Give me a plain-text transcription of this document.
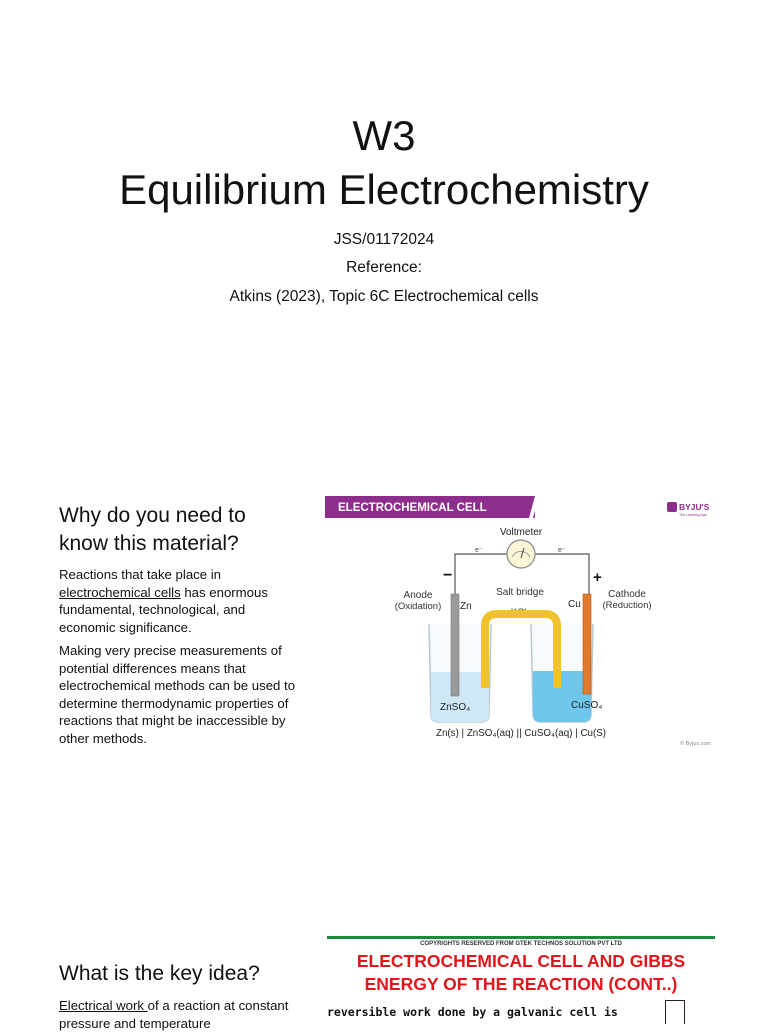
W3
Equilibrium Electrochemistry
JSS/01172024
Reference:
Atkins (2023), Topic 6C Electrochemical cells
Why do you need to know this material?
Reactions that take place in
electrochemical cells has enormous fundamental, technological, and economic significance.
Making very precise measurements of potential differences means that electrochemical methods can be used to determine thermodynamic properties of reactions that might be inaccessible by other methods.
ELECTROCHEMICAL CELL	BYJU'S
The Learning App
Voltmeter
e⁻	e⁻
−	+
Anode
(Oxidation) Zn
Salt bridge
KCL
Cu
Cathode
(Reduction)
ZnSO₄	CuSO₄
Zn(s) | ZnSO₄(aq) || CuSO₄(aq) | Cu(S)
© Byjus.com
What is the key idea?
Electrical work of a reaction at constant pressure and temperature
COPYRIGHTS RESERVED FROM GTEK TECHNOS SOLUTION PVT LTD
ELECTROCHEMICAL CELL AND GIBBS
ENERGY OF THE REACTION (CONT..)
reversible work done by a galvanic cell is
